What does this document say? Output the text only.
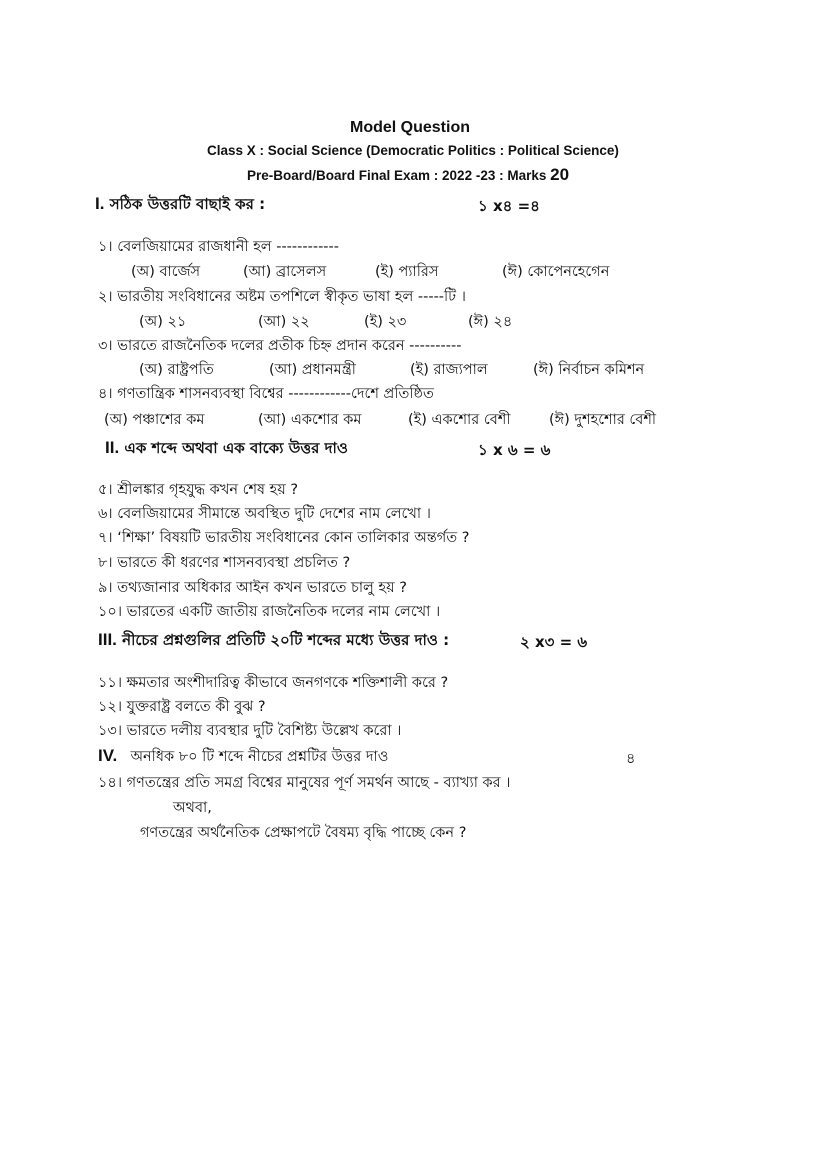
Model Question
Class X : Social Science (Democratic Politics : Political Science)
Pre-Board/Board Final Exam : 2022 -23 : Marks 20
I. সঠিক উত্তরটি বাছাই কর :	১ x৪ =৪
১। বেলজিয়ামের রাজধানী হল ------------
(অ) বার্জেস	(আ) ব্রাসেলস	(ই) প্যারিস	(ঈ) কোপেনহেগেন
২। ভারতীয় সংবিধানের অষ্টম তপশিলে স্বীকৃত ভাষা হল -----টি ।
(অ) ২১	(আ) ২২	(ই) ২৩	(ঈ) ২৪
৩। ভারতে রাজনৈতিক দলের প্রতীক চিহ্ন প্রদান করেন ----------
(অ) রাষ্ট্রপতি	(আ) প্রধানমন্ত্রী	(ই) রাজ্যপাল	(ঈ) নির্বাচন কমিশন
৪। গণতান্ত্রিক শাসনব্যবস্থা বিশ্বের ------------দেশে প্রতিষ্ঠিত
(অ) পঞ্চাশের কম	(আ) একশোর কম	(ই) একশোর বেশী	(ঈ) দুশহশোর বেশী
II. এক শব্দে অথবা এক বাক্যে উত্তর দাও	১ x ৬ = ৬
৫। শ্রীলঙ্কার গৃহযুদ্ধ কখন শেষ হয় ?
৬। বেলজিয়ামের সীমান্তে অবস্থিত দুটি দেশের নাম লেখো ।
৭। ‘শিক্ষা’ বিষয়টি ভারতীয় সংবিধানের কোন তালিকার অন্তর্গত ?
৮। ভারতে কী ধরণের শাসনব্যবস্থা প্রচলিত ?
৯। তথ্যজানার অধিকার আইন কখন ভারতে চালু হয় ?
১০। ভারতের একটি জাতীয় রাজনৈতিক দলের নাম লেখো ।
III. নীচের প্রশ্নগুলির প্রতিটি ২০টি শব্দের মধ্যে উত্তর দাও :	২ x৩ = ৬
১১। ক্ষমতার অংশীদারিত্ব কীভাবে জনগণকে শক্তিশালী করে ?
১২। যুক্তরাষ্ট্র বলতে কী বুঝ ?
১৩। ভারতে দলীয় ব্যবস্থার দুটি বৈশিষ্ট্য উল্লেখ করো ।
IV. অনধিক ৮০ টি শব্দে নীচের প্রশ্নটির উত্তর দাও	৪
১৪। গণতন্ত্রের প্রতি সমগ্র বিশ্বের মানুষের পূর্ণ সমর্থন আছে - ব্যাখ্যা কর ।
অথবা,
গণতন্ত্রের অর্থনৈতিক প্রেক্ষাপটে বৈষম্য বৃদ্ধি পাচ্ছে কেন ?
